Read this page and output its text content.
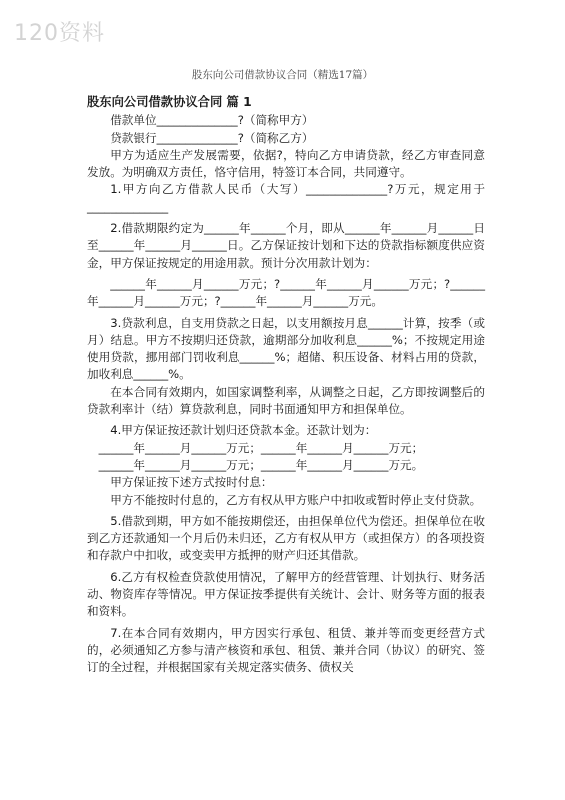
120资料
股东向公司借款协议合同（精选17篇）
股东向公司借款协议合同 篇 1
借款单位______________?（简称甲方）
贷款银行______________?（简称乙方）

甲方为适应生产发展需要，依据?，特向乙方申请贷款，经乙方审查同意发放。为明确双方责任，恪守信用，特签订本合同，共同遵守。

1.甲方向乙方借款人民币（大写）______________?万元，规定用于______________

2.借款期限约定为______年______个月，即从______年______月______日至______年______月______日。乙方保证按计划和下达的贷款指标额度供应资金，甲方保证按规定的用途用款。预计分次用款计划为：

______年______月______万元；?______年______月______万元；?______年______月______万元；?______年______月______万元。

3.贷款利息，自支用贷款之日起，以支用额按月息______计算，按季（或月）结息。甲方不按期归还贷款，逾期部分加收利息______%；不按规定用途使用贷款，挪用部门罚收利息______%；超储、积压设备、材料占用的贷款，加收利息______%。

在本合同有效期内，如国家调整利率，从调整之日起，乙方即按调整后的贷款利率计（结）算贷款利息，同时书面通知甲方和担保单位。

4.甲方保证按还款计划归还贷款本金。还款计划为：

______年______月______万元；______年______月______万元；

______年______月______万元；______年______月______万元。

甲方保证按下述方式按时付息：

甲方不能按时付息的，乙方有权从甲方账户中扣收或暂时停止支付贷款。

5.借款到期，甲方如不能按期偿还，由担保单位代为偿还。担保单位在收到乙方还款通知一个月后仍未归还，乙方有权从甲方（或担保方）的各项投资和存款户中扣收，或变卖甲方抵押的财产归还其借款。

6.乙方有权检查贷款使用情况，了解甲方的经营管理、计划执行、财务活动、物资库存等情况。甲方保证按季提供有关统计、会计、财务等方面的报表和资料。

7.在本合同有效期内，甲方因实行承包、租赁、兼并等而变更经营方式的，必须通知乙方参与清产核资和承包、租赁、兼并合同（协议）的研究、签订的全过程，并根据国家有关规定落实债务、债权关
